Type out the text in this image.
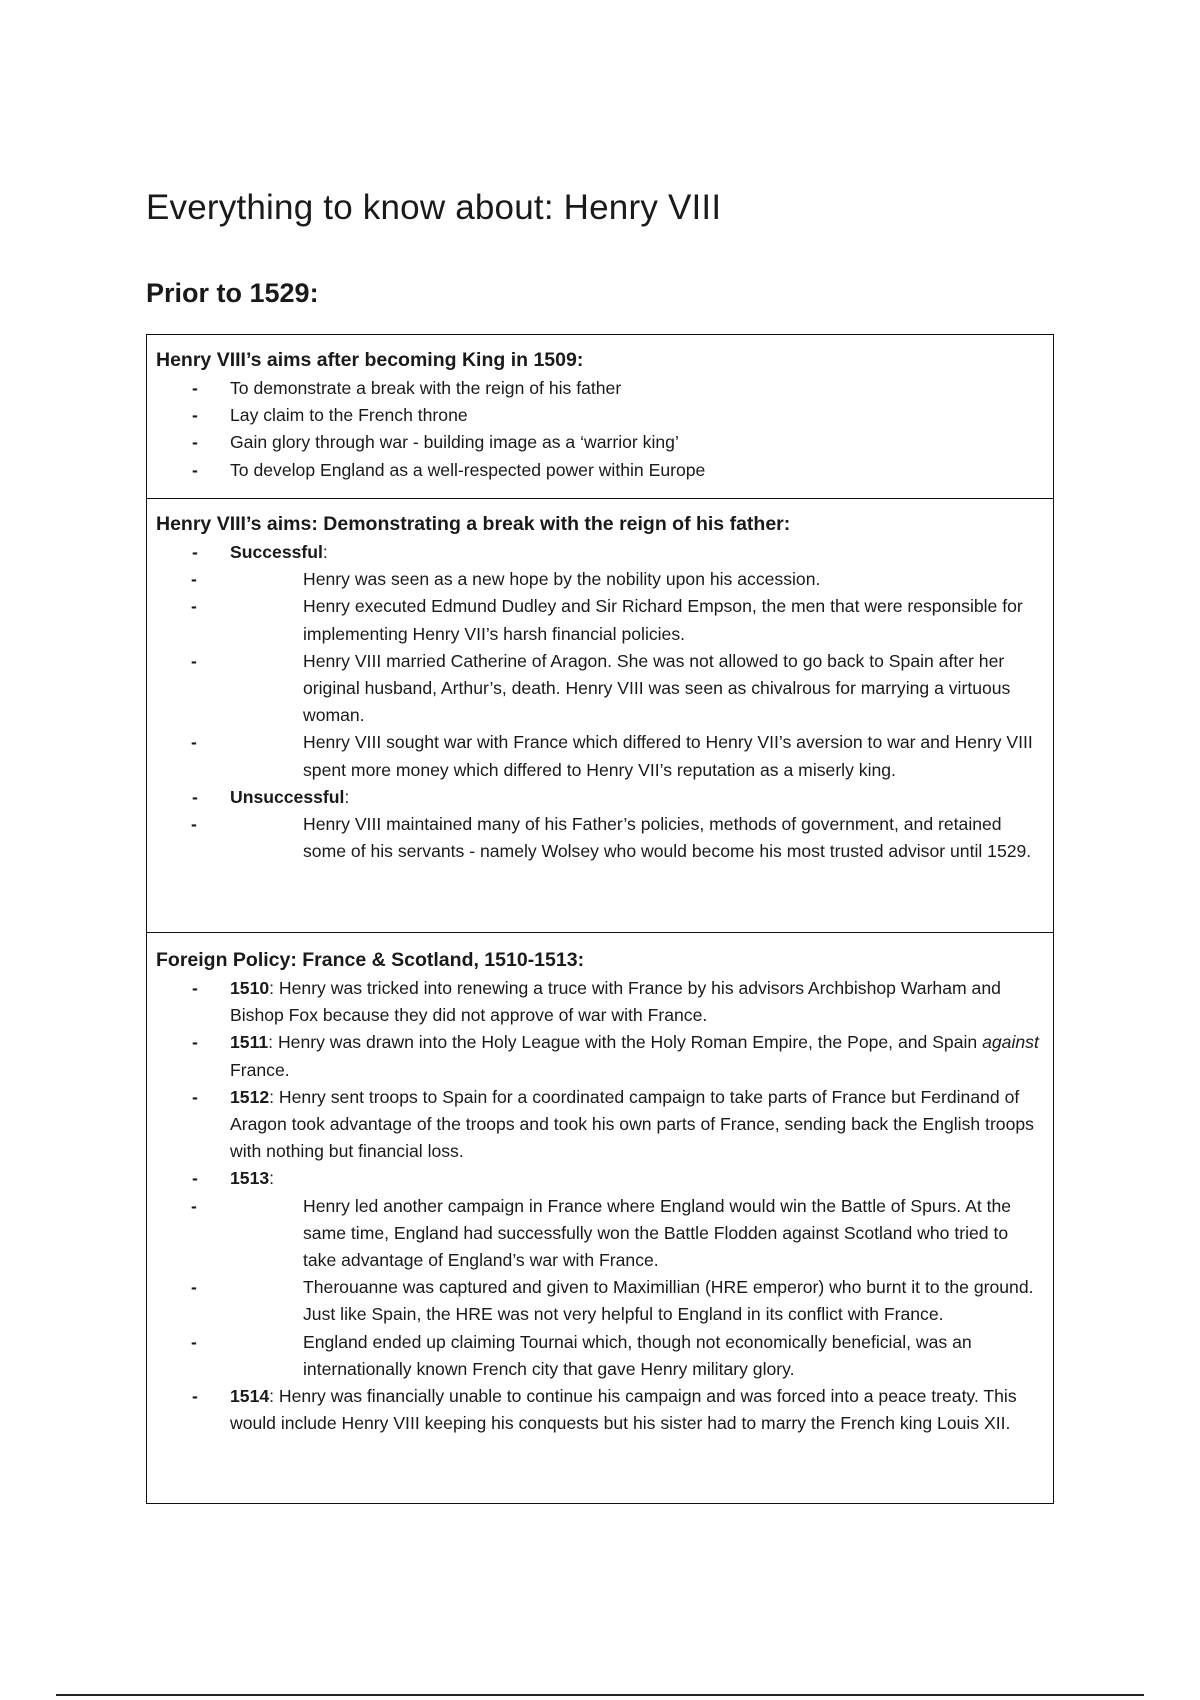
Everything to know about: Henry VIII
Prior to 1529:
Henry VIII’s aims after becoming King in 1509:
- To demonstrate a break with the reign of his father
- Lay claim to the French throne
- Gain glory through war - building image as a ‘warrior king’
- To develop England as a well-respected power within Europe
Henry VIII’s aims: Demonstrating a break with the reign of his father:
- Successful:
- Henry was seen as a new hope by the nobility upon his accession.
- Henry executed Edmund Dudley and Sir Richard Empson, the men that were responsible for implementing Henry VII’s harsh financial policies.
- Henry VIII married Catherine of Aragon. She was not allowed to go back to Spain after her original husband, Arthur’s, death. Henry VIII was seen as chivalrous for marrying a virtuous woman.
- Henry VIII sought war with France which differed to Henry VII’s aversion to war and Henry VIII spent more money which differed to Henry VII’s reputation as a miserly king.
- Unsuccessful:
- Henry VIII maintained many of his Father’s policies, methods of government, and retained some of his servants - namely Wolsey who would become his most trusted advisor until 1529.
Foreign Policy: France & Scotland, 1510-1513:
- 1510: Henry was tricked into renewing a truce with France by his advisors Archbishop Warham and Bishop Fox because they did not approve of war with France.
- 1511: Henry was drawn into the Holy League with the Holy Roman Empire, the Pope, and Spain against France.
- 1512: Henry sent troops to Spain for a coordinated campaign to take parts of France but Ferdinand of Aragon took advantage of the troops and took his own parts of France, sending back the English troops with nothing but financial loss.
- 1513:
- Henry led another campaign in France where England would win the Battle of Spurs. At the same time, England had successfully won the Battle Flodden against Scotland who tried to take advantage of England’s war with France.
- Therouanne was captured and given to Maximillian (HRE emperor) who burnt it to the ground. Just like Spain, the HRE was not very helpful to England in its conflict with France.
- England ended up claiming Tournai which, though not economically beneficial, was an internationally known French city that gave Henry military glory.
- 1514: Henry was financially unable to continue his campaign and was forced into a peace treaty. This would include Henry VIII keeping his conquests but his sister had to marry the French king Louis XII.
